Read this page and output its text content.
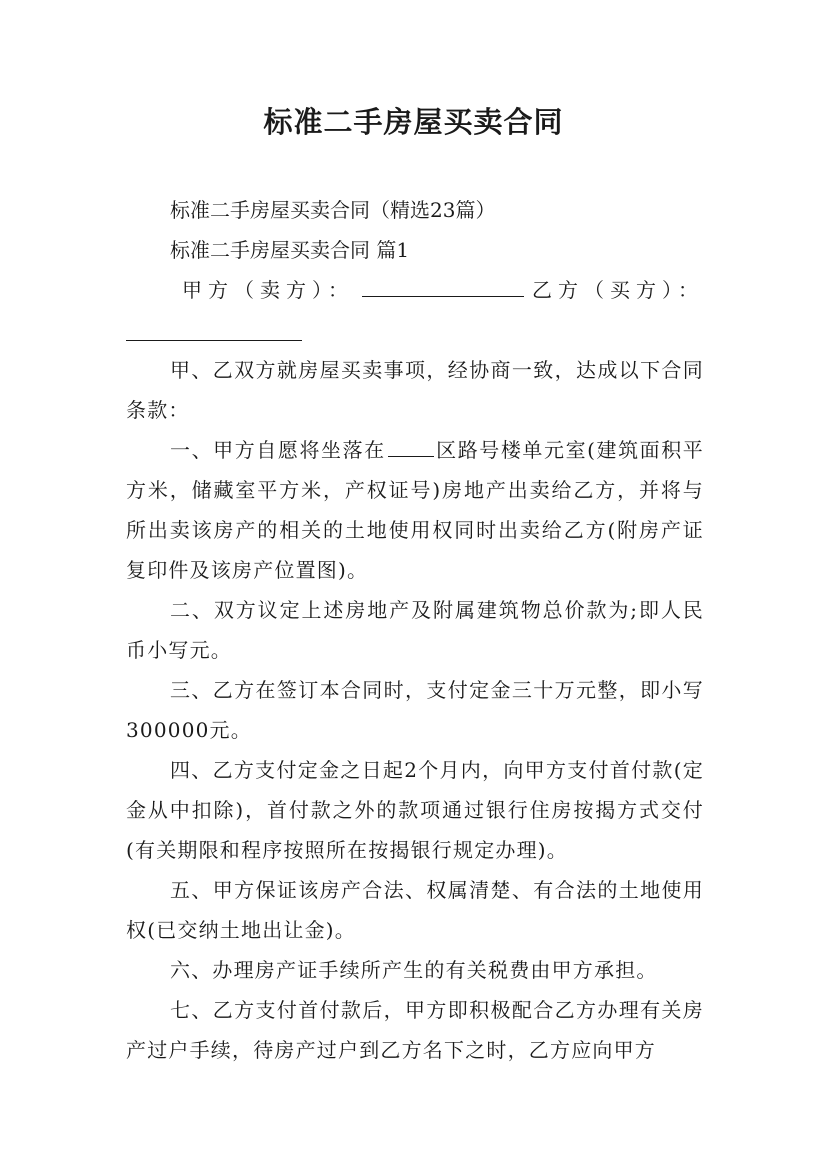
标准二手房屋买卖合同

标准二手房屋买卖合同（精选23篇）

标准二手房屋买卖合同 篇1

甲方（卖方）：	乙方（买方）：

甲、乙双方就房屋买卖事项，经协商一致，达成以下合同条款：

一、甲方自愿将坐落在	区路号楼单元室(建筑面积平方米，储藏室平方米，产权证号)房地产出卖给乙方，并将与所出卖该房产的相关的土地使用权同时出卖给乙方(附房产证复印件及该房产位置图)。

二、双方议定上述房地产及附属建筑物总价款为;即人民币小写元。

三、乙方在签订本合同时，支付定金三十万元整，即小写300000元。

四、乙方支付定金之日起2个月内，向甲方支付首付款(定金从中扣除)，首付款之外的款项通过银行住房按揭方式交付(有关期限和程序按照所在按揭银行规定办理)。

五、甲方保证该房产合法、权属清楚、有合法的土地使用权(已交纳土地出让金)。

六、办理房产证手续所产生的有关税费由甲方承担。

七、乙方支付首付款后，甲方即积极配合乙方办理有关房产过户手续，待房产过户到乙方名下之时，乙方应向甲方
